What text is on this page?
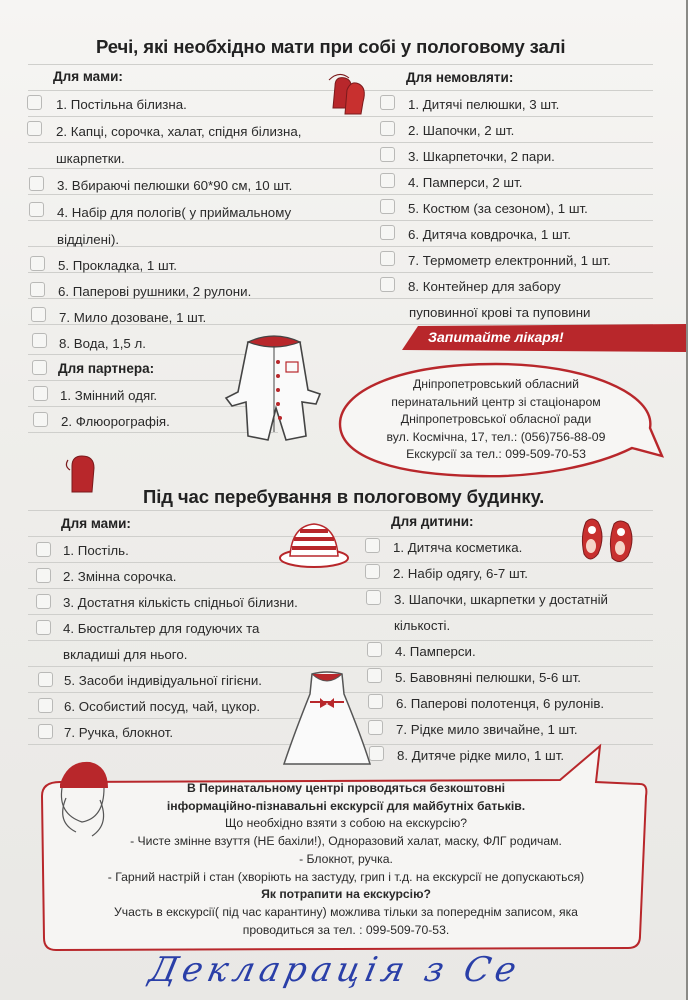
Речі, які необхідно мати при собі у пологовому залі
Для мами:
1. Постільна білизна.
2. Капці, сорочка, халат, спідня білизна,
шкарпетки.
3. Вбираючі пелюшки 60*90 см, 10 шт.
4. Набір для пологів( у приймальному
відділені).
5. Прокладка, 1 шт.
6. Паперові рушники, 2 рулони.
7. Мило дозоване, 1 шт.
8. Вода, 1,5 л.
Для немовляти:
1. Дитячі пелюшки, 3 шт.
2. Шапочки, 2 шт.
3. Шкарпеточки, 2 пари.
4. Памперси, 2 шт.
5. Костюм (за сезоном), 1 шт.
6. Дитяча ковдрочка, 1 шт.
7. Термометр електронний, 1 шт.
8. Контейнер для забору
пуповинної крові та пуповини
Запитайте лікаря!
Для партнера:
1. Змінний одяг.
2. Флюорографія.
Дніпропетровський обласний
перинатальний центр зі стаціонаром
Дніпропетровської обласної ради
вул. Космічна, 17, тел.: (056)756-88-09
Екскурсії за тел.: 099-509-70-53
Під час перебування в пологовому будинку.
Для мами:
1. Постіль.
2. Змінна сорочка.
3. Достатня кількість спідньої білизни.
4. Бюстгальтер для годуючих та
вкладиші для нього.
5. Засоби індивідуальної гігієни.
6. Особистий посуд, чай, цукор.
7. Ручка, блокнот.
Для дитини:
1. Дитяча косметика.
2. Набір одягу, 6-7 шт.
3. Шапочки, шкарпетки у достатній
кількості.
4. Памперси.
5. Бавовняні пелюшки, 5-6 шт.
6. Паперові полотенця, 6 рулонів.
7. Рідке мило звичайне, 1 шт.
8. Дитяче рідке мило, 1 шт.
В Перинатальному центрі проводяться безкоштовні
інформаційно-пізнавальні екскурсії для майбутніх батьків.
Що необхідно взяти з собою на екскурсію?
- Чисте змінне взуття (НЕ бахіли!), Одноразовий халат, маску, ФЛГ родичам.
- Блокнот, ручка.
- Гарний настрій і стан (хворіють на застуду, грип і т.д. на екскурсії не допускаються)
Як потрапити на екскурсію?
Участь в екскурсії( під час карантину) можлива тільки за попереднім записом, яка
проводиться за тел. : 099-509-70-53.
Декларація з Се
